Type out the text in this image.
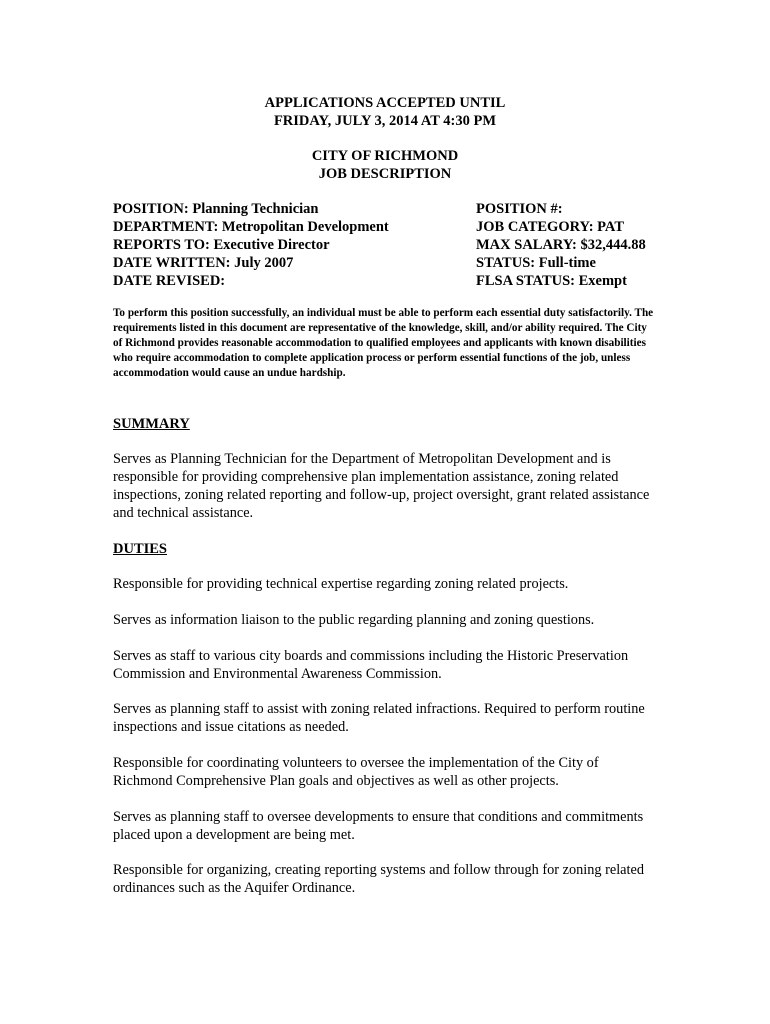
APPLICATIONS ACCEPTED UNTIL
FRIDAY, JULY 3, 2014 AT 4:30 PM
CITY OF RICHMOND
JOB DESCRIPTION
POSITION: Planning Technician
DEPARTMENT: Metropolitan Development
REPORTS TO: Executive Director
DATE WRITTEN: July 2007
DATE REVISED:
POSITION #:
JOB CATEGORY: PAT
MAX SALARY: $32,444.88
STATUS: Full-time
FLSA STATUS: Exempt
To perform this position successfully, an individual must be able to perform each essential duty satisfactorily. The requirements listed in this document are representative of the knowledge, skill, and/or ability required. The City of Richmond provides reasonable accommodation to qualified employees and applicants with known disabilities who require accommodation to complete application process or perform essential functions of the job, unless accommodation would cause an undue hardship.
SUMMARY
Serves as Planning Technician for the Department of Metropolitan Development and is responsible for providing comprehensive plan implementation assistance, zoning related inspections, zoning related reporting and follow-up, project oversight, grant related assistance and technical assistance.
DUTIES
Responsible for providing technical expertise regarding zoning related projects.
Serves as information liaison to the public regarding planning and zoning questions.
Serves as staff to various city boards and commissions including the Historic Preservation Commission and Environmental Awareness Commission.
Serves as planning staff to assist with zoning related infractions. Required to perform routine inspections and issue citations as needed.
Responsible for coordinating volunteers to oversee the implementation of the City of Richmond Comprehensive Plan goals and objectives as well as other projects.
Serves as planning staff to oversee developments to ensure that conditions and commitments placed upon a development are being met.
Responsible for organizing, creating reporting systems and follow through for zoning related ordinances such as the Aquifer Ordinance.
